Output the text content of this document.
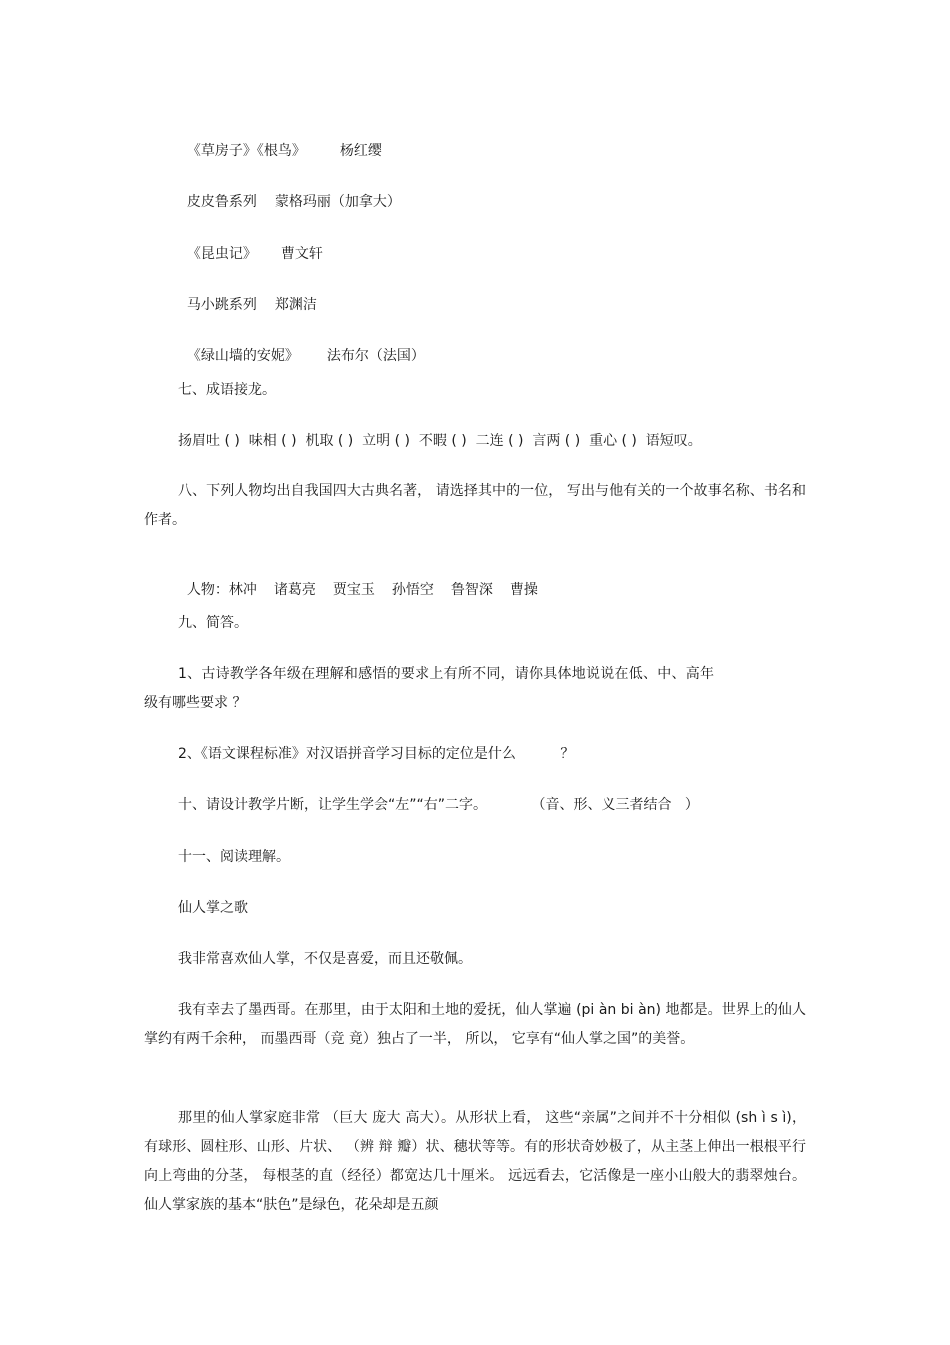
《草房子》《根鸟》 杨红缨

皮皮鲁系列 蒙格玛丽（加拿大）

《昆虫记》 曹文轩

马小跳系列 郑渊洁

《绿山墙的安妮》 法布尔（法国）

七、成语接龙。

扬眉吐 ( )  味相 ( )  机取 ( )  立明 ( )  不暇 ( )  二连 ( )  言两 ( )  重心 ( )  语短叹。

八、下列人物均出自我国四大古典名著， 请选择其中的一位， 写出与他有关的一个故事名称、书名和作者。

人物：林冲 诸葛亮 贾宝玉 孙悟空 鲁智深 曹操

九、简答。

1、古诗教学各年级在理解和感悟的要求上有所不同，请你具体地说说在低、中、高年级有哪些要求 ？

2、《语文课程标准》对汉语拼音学习目标的定位是什么          ？

十、请设计教学片断，让学生学会“左”“右”二字。          （音、形、义三者结合   ）

十一、阅读理解。

仙人掌之歌

我非常喜欢仙人掌，不仅是喜爱，而且还敬佩。

我有幸去了墨西哥。在那里，由于太阳和土地的爱抚，仙人掌遍 (pi àn bi àn) 地都是。世界上的仙人掌约有两千余种， 而墨西哥（竞 竟）独占了一半， 所以， 它享有“仙人掌之国”的美誉。

那里的仙人掌家庭非常 （巨大 庞大 高大）。从形状上看， 这些“亲属”之间并不十分相似 (sh ì s ì)，有球形、圆柱形、山形、片状、 （辨 辩 瓣）状、穗状等等。有的形状奇妙极了，从主茎上伸出一根根平行向上弯曲的分茎， 每根茎的直（经径）都宽达几十厘米。 远远看去，它活像是一座小山般大的翡翠烛台。仙人掌家族的基本“肤色”是绿色，花朵却是五颜
